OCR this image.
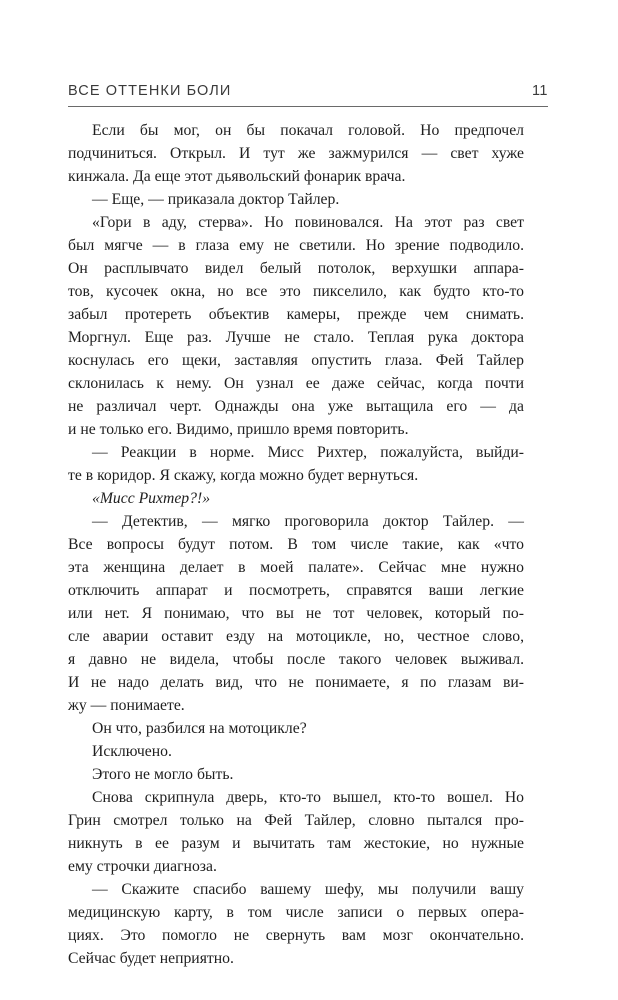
ВСЕ ОТТЕНКИ БОЛИ	11
Если бы мог, он бы покачал головой. Но предпочел
подчиниться. Открыл. И тут же зажмурился — свет хуже
кинжала. Да еще этот дьявольский фонарик врача.
— Еще, — приказала доктор Тайлер.
«Гори в аду, стерва». Но повиновался. На этот раз свет
был мягче — в глаза ему не светили. Но зрение подводило.
Он расплывчато видел белый потолок, верхушки аппара-
тов, кусочек окна, но все это пикселило, как будто кто-то
забыл протереть объектив камеры, прежде чем снимать.
Моргнул. Еще раз. Лучше не стало. Теплая рука доктора
коснулась его щеки, заставляя опустить глаза. Фей Тайлер
склонилась к нему. Он узнал ее даже сейчас, когда почти
не различал черт. Однажды она уже вытащила его — да
и не только его. Видимо, пришло время повторить.
— Реакции в норме. Мисс Рихтер, пожалуйста, выйди-
те в коридор. Я скажу, когда можно будет вернуться.
«Мисс Рихтер?!»
— Детектив, — мягко проговорила доктор Тайлер. —
Все вопросы будут потом. В том числе такие, как «что
эта женщина делает в моей палате». Сейчас мне нужно
отключить аппарат и посмотреть, справятся ваши легкие
или нет. Я понимаю, что вы не тот человек, который по-
сле аварии оставит езду на мотоцикле, но, честное слово,
я давно не видела, чтобы после такого человек выживал.
И не надо делать вид, что не понимаете, я по глазам ви-
жу — понимаете.
Он что, разбился на мотоцикле?
Исключено.
Этого не могло быть.
Снова скрипнула дверь, кто-то вышел, кто-то вошел. Но
Грин смотрел только на Фей Тайлер, словно пытался про-
никнуть в ее разум и вычитать там жестокие, но нужные
ему строчки диагноза.
— Скажите спасибо вашему шефу, мы получили вашу
медицинскую карту, в том числе записи о первых опера-
циях. Это помогло не свернуть вам мозг окончательно.
Сейчас будет неприятно.
